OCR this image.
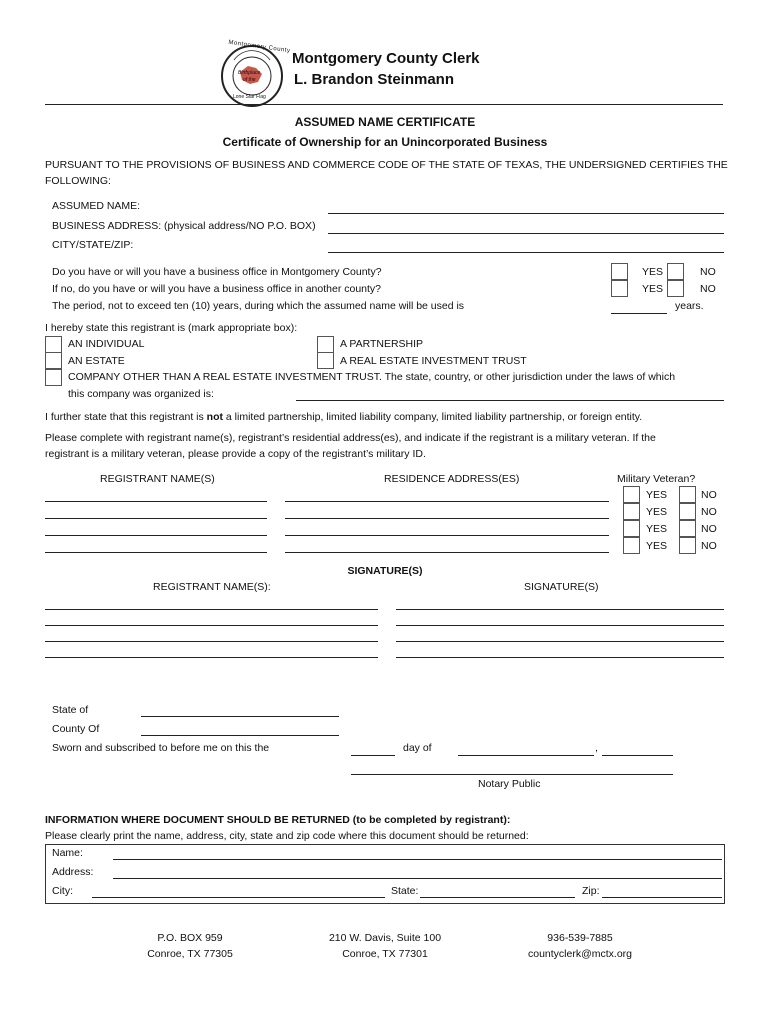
Montgomery County
Birthplace
of the
Lone Star Flag
Montgomery County Clerk
L. Brandon Steinmann
ASSUMED NAME CERTIFICATE
Certificate of Ownership for an Unincorporated Business
PURSUANT TO THE PROVISIONS OF BUSINESS AND COMMERCE CODE OF THE STATE OF TEXAS, THE UNDERSIGNED CERTIFIES THE
FOLLOWING:
ASSUMED NAME:
BUSINESS ADDRESS: (physical address/NO P.O. BOX)
CITY/STATE/ZIP:
Do you have or will you have a business office in Montgomery County?
If no, do you have or will you have a business office in another county?
The period, not to exceed ten (10) years, during which the assumed name will be used is
YES	NO
YES	NO
years.
I hereby state this registrant is (mark appropriate box):
AN INDIVIDUAL
AN ESTATE
COMPANY OTHER THAN A REAL ESTATE INVESTMENT TRUST. The state, country, or other jurisdiction under the laws of which
this company was organized is:
A PARTNERSHIP
A REAL ESTATE INVESTMENT TRUST
I further state that this registrant is not a limited partnership, limited liability company, limited liability partnership, or foreign entity.
Please complete with registrant name(s), registrant’s residential address(es), and indicate if the registrant is a military veteran. If the
registrant is a military veteran, please provide a copy of the registrant’s military ID.
REGISTRANT NAME(S)	RESIDENCE ADDRESS(ES)	Military Veteran?
YES	NO
YES	NO
YES	NO
YES	NO
SIGNATURE(S)
REGISTRANT NAME(S):	SIGNATURE(S)
State of
County Of
Sworn and subscribed to before me on this the	day of	,
Notary Public
INFORMATION WHERE DOCUMENT SHOULD BE RETURNED (to be completed by registrant):
Please clearly print the name, address, city, state and zip code where this document should be returned:
Name:
Address:
City:	State:	Zip:
P.O. BOX 959
Conroe, TX 77305
210 W. Davis, Suite 100
Conroe, TX 77301
936-539-7885
countyclerk@mctx.org
